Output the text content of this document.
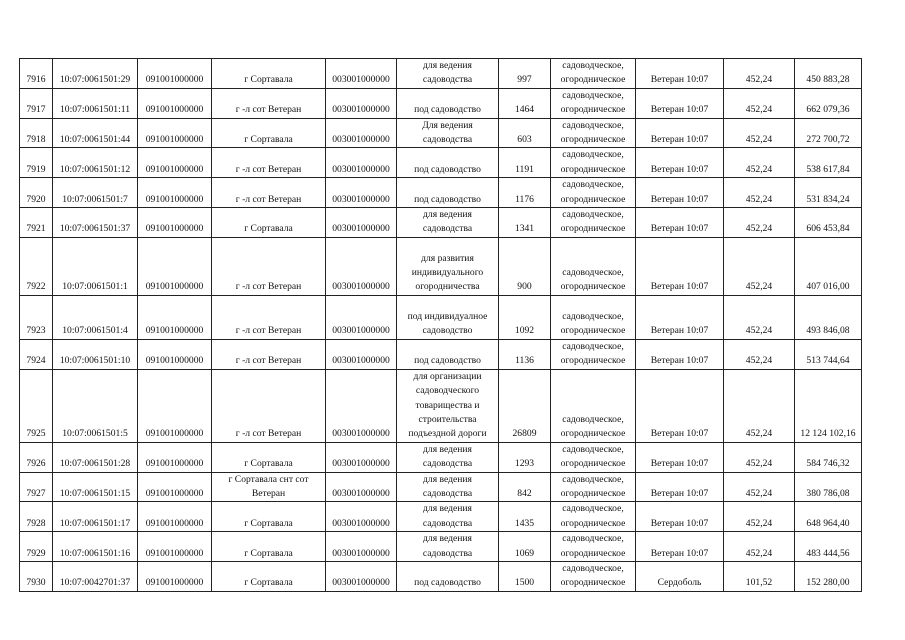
7916	10:07:0061501:29	091001000000	г Сортавала	003001000000	для ведения
садоводства	997	садоводческое,
огородническое	Ветеран 10:07	452,24	450 883,28
7917	10:07:0061501:11	091001000000	г -л сот Ветеран	003001000000	под садоводство	1464	садоводческое,
огородническое	Ветеран 10:07	452,24	662 079,36
7918	10:07:0061501:44	091001000000	г Сортавала	003001000000	Для ведения
садоводства	603	садоводческое,
огородническое	Ветеран 10:07	452,24	272 700,72
7919	10:07:0061501:12	091001000000	г -л сот Ветеран	003001000000	под садоводство	1191	садоводческое,
огородническое	Ветеран 10:07	452,24	538 617,84
7920	10:07:0061501:7	091001000000	г -л сот Ветеран	003001000000	под садоводство	1176	садоводческое,
огородническое	Ветеран 10:07	452,24	531 834,24
7921	10:07:0061501:37	091001000000	г Сортавала	003001000000	для ведения
садоводства	1341	садоводческое,
огородническое	Ветеран 10:07	452,24	606 453,84
7922	10:07:0061501:1	091001000000	г -л сот Ветеран	003001000000	для развития
индивидуального
огородничества	900	садоводческое,
огородническое	Ветеран 10:07	452,24	407 016,00
7923	10:07:0061501:4	091001000000	г -л сот Ветеран	003001000000	под индивидуалное
садоводство	1092	садоводческое,
огородническое	Ветеран 10:07	452,24	493 846,08
7924	10:07:0061501:10	091001000000	г -л сот Ветеран	003001000000	под садоводство	1136	садоводческое,
огородническое	Ветеран 10:07	452,24	513 744,64
7925	10:07:0061501:5	091001000000	г -л сот Ветеран	003001000000	для организации
садоводческого
товарищества и
строительства
подъездной дороги	26809	садоводческое,
огородническое	Ветеран 10:07	452,24	12 124 102,16
7926	10:07:0061501:28	091001000000	г Сортавала	003001000000	для ведения
садоводства	1293	садоводческое,
огородническое	Ветеран 10:07	452,24	584 746,32
7927	10:07:0061501:15	091001000000	г Сортавала снт сот
Ветеран	003001000000	для ведения
садоводства	842	садоводческое,
огородническое	Ветеран 10:07	452,24	380 786,08
7928	10:07:0061501:17	091001000000	г Сортавала	003001000000	для ведения
садоводства	1435	садоводческое,
огородническое	Ветеран 10:07	452,24	648 964,40
7929	10:07:0061501:16	091001000000	г Сортавала	003001000000	для ведения
садоводства	1069	садоводческое,
огородническое	Ветеран 10:07	452,24	483 444,56
7930	10:07:0042701:37	091001000000	г Сортавала	003001000000	под садоводство	1500	садоводческое,
огородническое	Сердоболь	101,52	152 280,00
